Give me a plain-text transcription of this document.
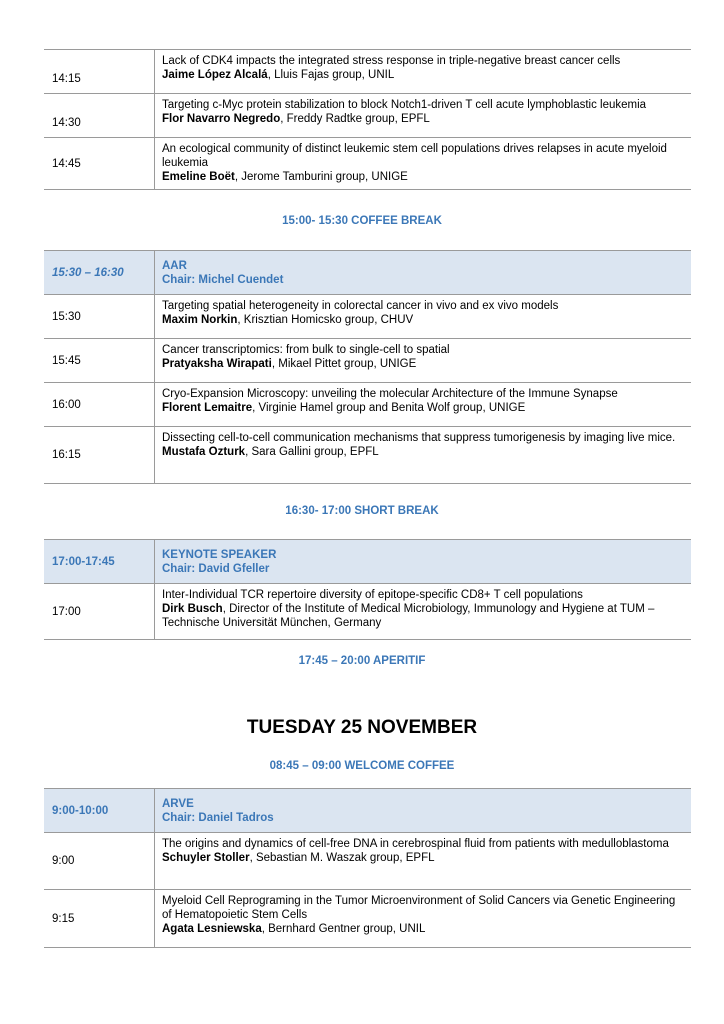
14:15
Lack of CDK4 impacts the integrated stress response in triple-negative breast cancer cells
Jaime López Alcalá, Lluis Fajas group, UNIL
14:30
Targeting c-Myc protein stabilization to block Notch1-driven T cell acute lymphoblastic leukemia
Flor Navarro Negredo, Freddy Radtke group, EPFL
14:45
An ecological community of distinct leukemic stem cell populations drives relapses in acute myeloid leukemia
Emeline Boët, Jerome Tamburini group, UNIGE
15:00- 15:30 COFFEE BREAK
15:30 – 16:30
AAR
Chair: Michel Cuendet
15:30
Targeting spatial heterogeneity in colorectal cancer in vivo and ex vivo models
Maxim Norkin, Krisztian Homicsko group, CHUV
15:45
Cancer transcriptomics: from bulk to single-cell to spatial
Pratyaksha Wirapati, Mikael Pittet group, UNIGE
16:00
Cryo-Expansion Microscopy: unveiling the molecular Architecture of the Immune Synapse
Florent Lemaitre, Virginie Hamel group and Benita Wolf group, UNIGE
16:15
Dissecting cell-to-cell communication mechanisms that suppress tumorigenesis by imaging live mice.
Mustafa Ozturk, Sara Gallini group, EPFL
16:30- 17:00 SHORT BREAK
17:00-17:45
KEYNOTE SPEAKER
Chair: David Gfeller
17:00
Inter-Individual TCR repertoire diversity of epitope-specific CD8+ T cell populations
Dirk Busch, Director of the Institute of Medical Microbiology, Immunology and Hygiene at TUM – Technische Universität München, Germany
17:45 – 20:00 APERITIF
TUESDAY 25 NOVEMBER
08:45 – 09:00 WELCOME COFFEE
9:00-10:00
ARVE
Chair: Daniel Tadros
9:00
The origins and dynamics of cell-free DNA in cerebrospinal fluid from patients with medulloblastoma
Schuyler Stoller, Sebastian M. Waszak group, EPFL
9:15
Myeloid Cell Reprograming in the Tumor Microenvironment of Solid Cancers via Genetic Engineering of Hematopoietic Stem Cells
Agata Lesniewska, Bernhard Gentner group, UNIL
